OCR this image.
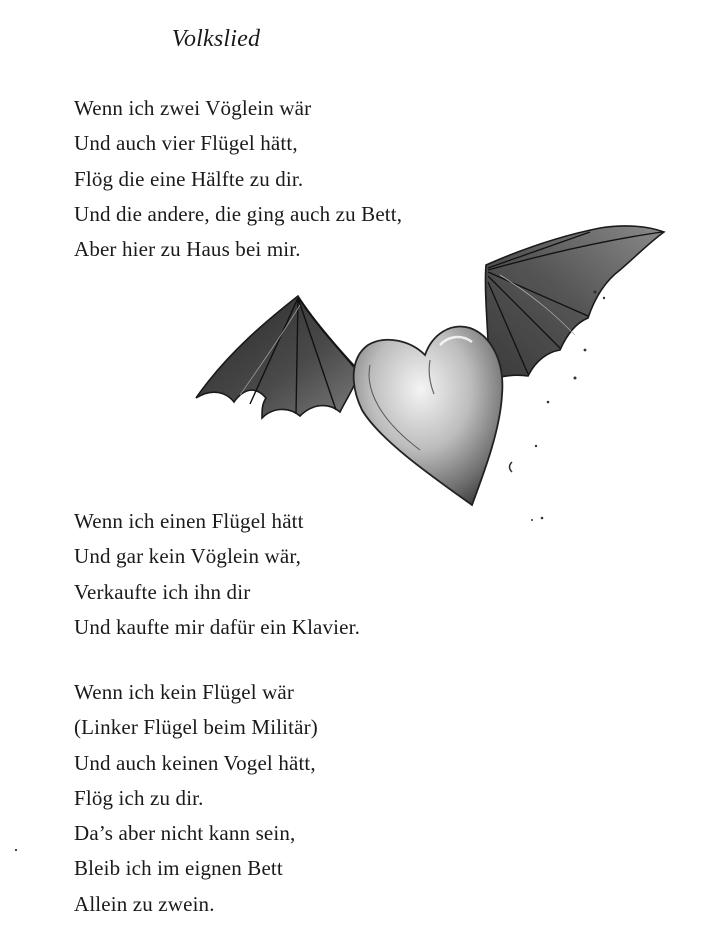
Volkslied
Wenn ich zwei Vöglein wär
Und auch vier Flügel hätt,
Flög die eine Hälfte zu dir.
Und die andere, die ging auch zu Bett,
Aber hier zu Haus bei mir.
Wenn ich einen Flügel hätt
Und gar kein Vöglein wär,
Verkaufte ich ihn dir
Und kaufte mir dafür ein Klavier.
Wenn ich kein Flügel wär
(Linker Flügel beim Militär)
Und auch keinen Vogel hätt,
Flög ich zu dir.
Da’s aber nicht kann sein,
Bleib ich im eignen Bett
Allein zu zwein.
